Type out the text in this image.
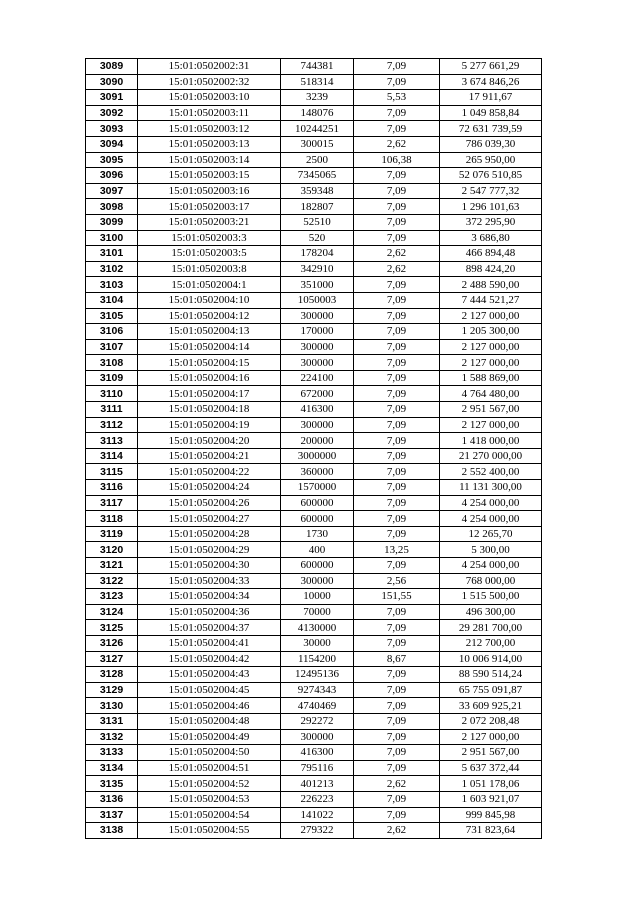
3089	15:01:0502002:31	744381	7,09	5 277 661,29
3090	15:01:0502002:32	518314	7,09	3 674 846,26
3091	15:01:0502003:10	3239	5,53	17 911,67
3092	15:01:0502003:11	148076	7,09	1 049 858,84
3093	15:01:0502003:12	10244251	7,09	72 631 739,59
3094	15:01:0502003:13	300015	2,62	786 039,30
3095	15:01:0502003:14	2500	106,38	265 950,00
3096	15:01:0502003:15	7345065	7,09	52 076 510,85
3097	15:01:0502003:16	359348	7,09	2 547 777,32
3098	15:01:0502003:17	182807	7,09	1 296 101,63
3099	15:01:0502003:21	52510	7,09	372 295,90
3100	15:01:0502003:3	520	7,09	3 686,80
3101	15:01:0502003:5	178204	2,62	466 894,48
3102	15:01:0502003:8	342910	2,62	898 424,20
3103	15:01:0502004:1	351000	7,09	2 488 590,00
3104	15:01:0502004:10	1050003	7,09	7 444 521,27
3105	15:01:0502004:12	300000	7,09	2 127 000,00
3106	15:01:0502004:13	170000	7,09	1 205 300,00
3107	15:01:0502004:14	300000	7,09	2 127 000,00
3108	15:01:0502004:15	300000	7,09	2 127 000,00
3109	15:01:0502004:16	224100	7,09	1 588 869,00
3110	15:01:0502004:17	672000	7,09	4 764 480,00
3111	15:01:0502004:18	416300	7,09	2 951 567,00
3112	15:01:0502004:19	300000	7,09	2 127 000,00
3113	15:01:0502004:20	200000	7,09	1 418 000,00
3114	15:01:0502004:21	3000000	7,09	21 270 000,00
3115	15:01:0502004:22	360000	7,09	2 552 400,00
3116	15:01:0502004:24	1570000	7,09	11 131 300,00
3117	15:01:0502004:26	600000	7,09	4 254 000,00
3118	15:01:0502004:27	600000	7,09	4 254 000,00
3119	15:01:0502004:28	1730	7,09	12 265,70
3120	15:01:0502004:29	400	13,25	5 300,00
3121	15:01:0502004:30	600000	7,09	4 254 000,00
3122	15:01:0502004:33	300000	2,56	768 000,00
3123	15:01:0502004:34	10000	151,55	1 515 500,00
3124	15:01:0502004:36	70000	7,09	496 300,00
3125	15:01:0502004:37	4130000	7,09	29 281 700,00
3126	15:01:0502004:41	30000	7,09	212 700,00
3127	15:01:0502004:42	1154200	8,67	10 006 914,00
3128	15:01:0502004:43	12495136	7,09	88 590 514,24
3129	15:01:0502004:45	9274343	7,09	65 755 091,87
3130	15:01:0502004:46	4740469	7,09	33 609 925,21
3131	15:01:0502004:48	292272	7,09	2 072 208,48
3132	15:01:0502004:49	300000	7,09	2 127 000,00
3133	15:01:0502004:50	416300	7,09	2 951 567,00
3134	15:01:0502004:51	795116	7,09	5 637 372,44
3135	15:01:0502004:52	401213	2,62	1 051 178,06
3136	15:01:0502004:53	226223	7,09	1 603 921,07
3137	15:01:0502004:54	141022	7,09	999 845,98
3138	15:01:0502004:55	279322	2,62	731 823,64
